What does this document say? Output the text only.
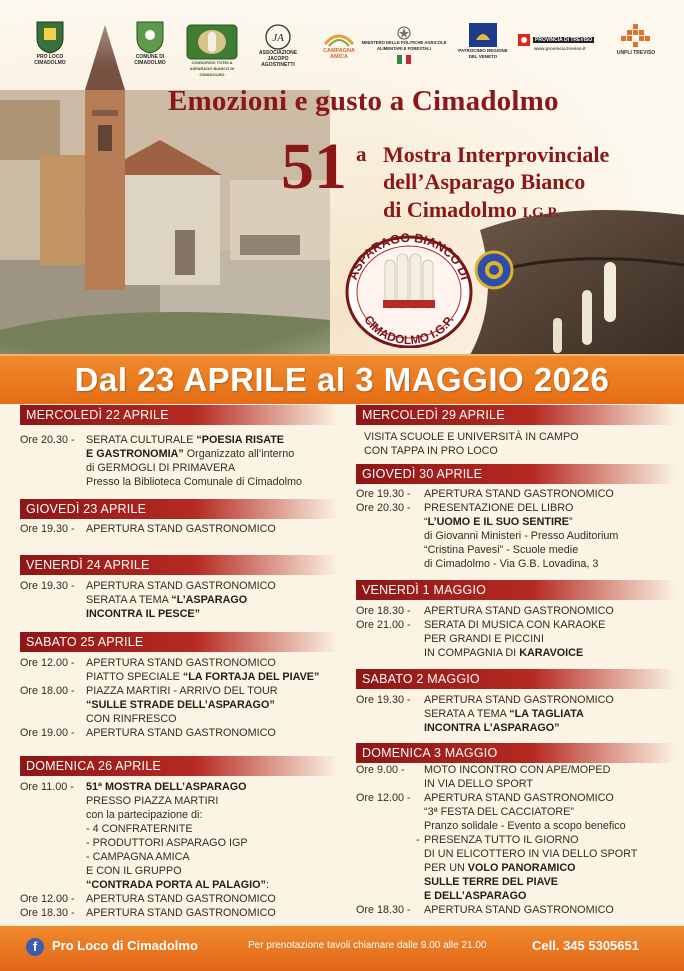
PRO LOCO CIMADOLMO
COMUNE DI CIMADOLMO	CONSORZIO TUTELA ASPARAGO BIANCO DI CIMADOLMO
JA
ASSOCIAZIONE JACOPO AGOSTINETTI
CAMPAGNA AMICA
MINISTERO DELLE POLITICHE AGRICOLE ALIMENTARI E FORESTALI	PATROCINIO REGIONE DEL VENETO
PROVINCIA DI TREVISO
www.provincia.treviso.it
UNPLI TREVISO
Emozioni e gusto a Cimadolmo
51 a Mostra Interprovinciale
dell’Asparago Bianco
di Cimadolmo I.G.P.
ASPARAGO BIANCO DI
CIMADOLMO I.G.P.
Dal 23 APRILE al 3 MAGGIO 2026
MERCOLEDÌ 22 APRILE
Ore 20.30 - SERATA CULTURALE “POESIA RISATE
E GASTRONOMIA” Organizzato all’interno
di GERMOGLI DI PRIMAVERA
Presso la Biblioteca Comunale di Cimadolmo
GIOVEDÌ 23 APRILE
Ore 19.30 - APERTURA STAND GASTRONOMICO
VENERDÌ 24 APRILE
Ore 19.30 - APERTURA STAND GASTRONOMICO
SERATA A TEMA “L’ASPARAGO
INCONTRA IL PESCE”
SABATO 25 APRILE
Ore 12.00 - APERTURA STAND GASTRONOMICO
PIATTO SPECIALE “LA FORTAJA DEL PIAVE”
Ore 18.00 - PIAZZA MARTIRI - ARRIVO DEL TOUR
“SULLE STRADE DELL’ASPARAGO”
CON RINFRESCO
Ore 19.00 - APERTURA STAND GASTRONOMICO
DOMENICA 26 APRILE
Ore 11.00 - 51ª MOSTRA DELL’ASPARAGO
PRESSO PIAZZA MARTIRI
con la partecipazione di:
- 4 CONFRATERNITE
- PRODUTTORI ASPARAGO IGP
- CAMPAGNA AMICA
E CON IL GRUPPO
“CONTRADA PORTA AL PALAGIO”:
Ore 12.00 - APERTURA STAND GASTRONOMICO
Ore 18.30 - APERTURA STAND GASTRONOMICO
MERCOLEDÌ 29 APRILE
VISITA SCUOLE E UNIVERSITÀ IN CAMPO
CON TAPPA IN PRO LOCO
GIOVEDÌ 30 APRILE
Ore 19.30 - APERTURA STAND GASTRONOMICO
Ore 20.30 - PRESENTAZIONE DEL LIBRO
“L’UOMO E IL SUO SENTIRE”
di Giovanni Ministeri - Presso Auditorium
“Cristina Pavesi” - Scuole medie
di Cimadolmo - Via G.B. Lovadina, 3
VENERDÌ 1 MAGGIO
Ore 18.30 - APERTURA STAND GASTRONOMICO
Ore 21.00 - SERATA DI MUSICA CON KARAOKE
PER GRANDI E PICCINI
IN COMPAGNIA DI KARAVOICE
SABATO 2 MAGGIO
Ore 19.30 - APERTURA STAND GASTRONOMICO
SERATA A TEMA “LA TAGLIATA
INCONTRA L’ASPARAGO”
DOMENICA 3 MAGGIO
Ore 9.00 - MOTO INCONTRO CON APE/MOPED
IN VIA DELLO SPORT
Ore 12.00 - APERTURA STAND GASTRONOMICO
“3ª FESTA DEL CACCIATORE”
Pranzo solidale - Evento a scopo benefico
- PRESENZA TUTTO IL GIORNO
DI UN ELICOTTERO IN VIA DELLO SPORT
PER UN VOLO PANORAMICO
SULLE TERRE DEL PIAVE
E DELL’ASPARAGO
Ore 18.30 - APERTURA STAND GASTRONOMICO
f	Pro Loco di Cimadolmo	Per prenotazione tavoli chiamare dalle 9.00 alle 21.00	Cell. 345 5305651
